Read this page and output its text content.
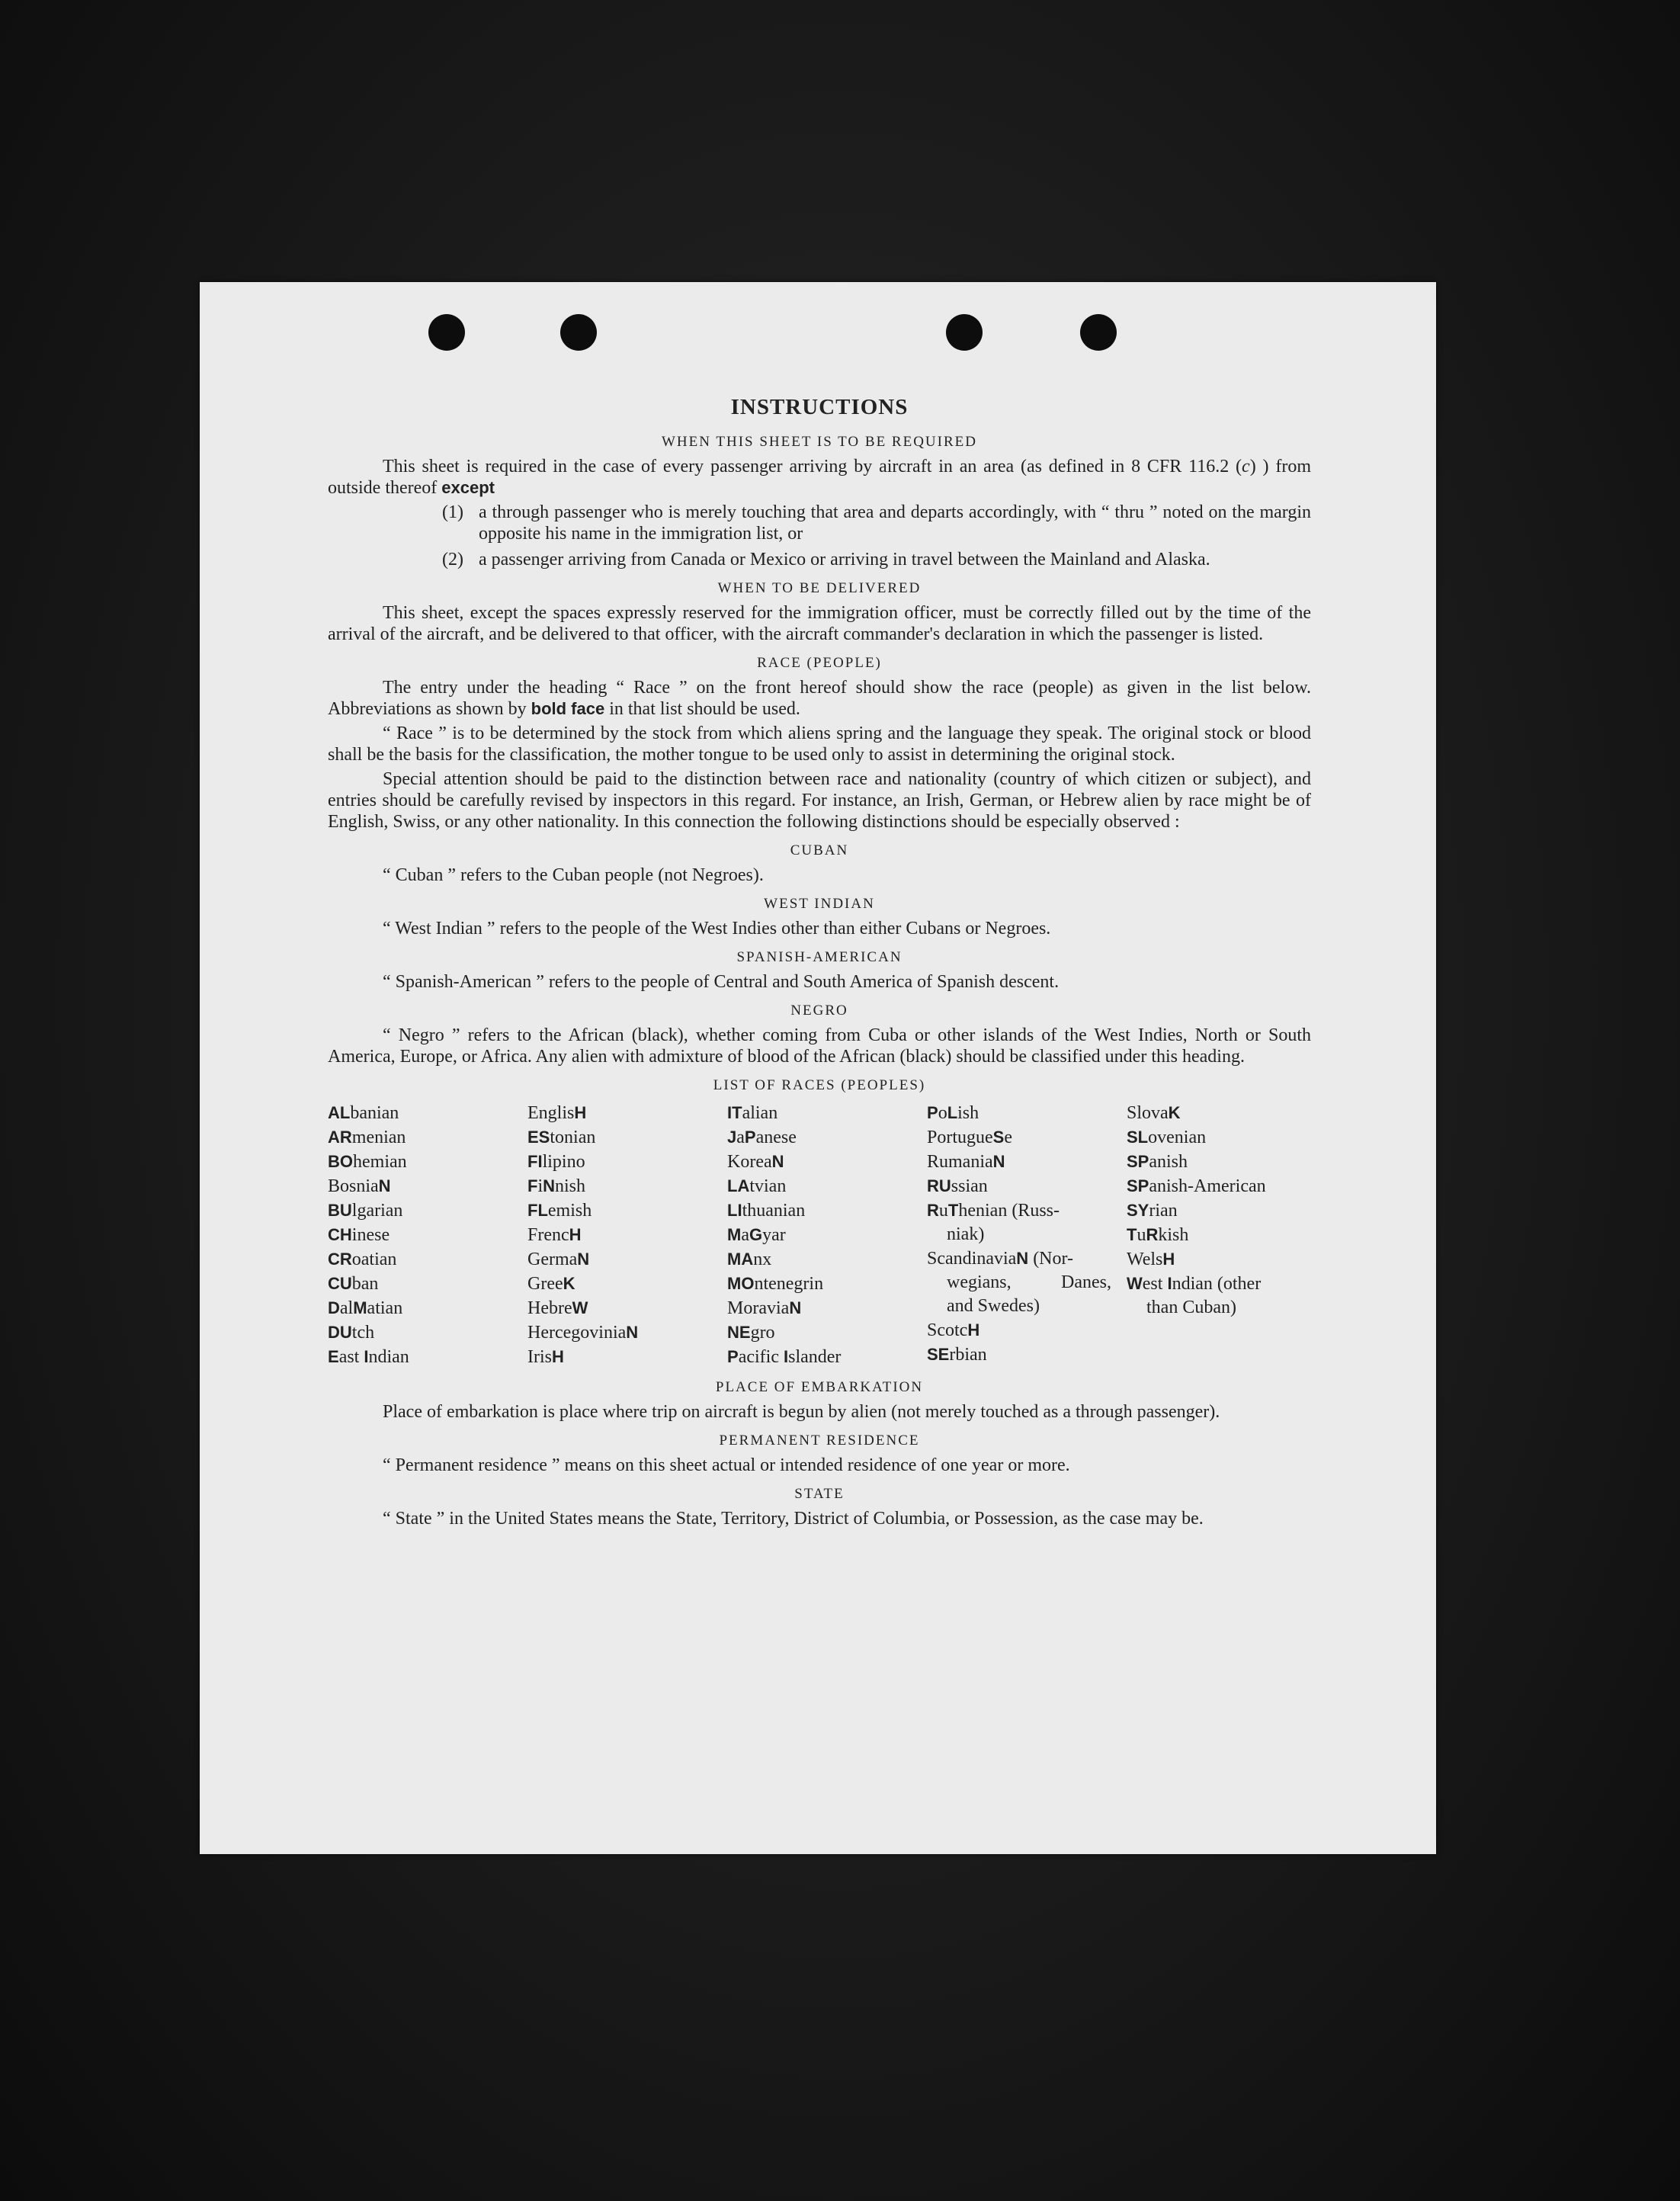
INSTRUCTIONS
WHEN THIS SHEET IS TO BE REQUIRED

This sheet is required in the case of every passenger arriving by aircraft in an area (as defined in 8 CFR 116.2 (c) ) from outside thereof except

(1) a through passenger who is merely touching that area and departs accordingly, with “ thru ” noted on the margin opposite his name in the immigration list, or
(2) a passenger arriving from Canada or Mexico or arriving in travel between the Mainland and Alaska.
WHEN TO BE DELIVERED

This sheet, except the spaces expressly reserved for the immigration officer, must be correctly filled out by the time of the arrival of the aircraft, and be delivered to that officer, with the aircraft commander's declaration in which the passenger is listed.

RACE (PEOPLE)

The entry under the heading “ Race ” on the front hereof should show the race (people) as given in the list below. Abbreviations as shown by bold face in that list should be used.

“ Race ” is to be determined by the stock from which aliens spring and the language they speak. The original stock or blood shall be the basis for the classification, the mother tongue to be used only to assist in determining the original stock.

Special attention should be paid to the distinction between race and nationality (country of which citizen or subject), and entries should be carefully revised by inspectors in this regard. For instance, an Irish, German, or Hebrew alien by race might be of English, Swiss, or any other nationality. In this connection the following distinctions should be especially observed :

CUBAN

“ Cuban ” refers to the Cuban people (not Negroes).

WEST INDIAN

“ West Indian ” refers to the people of the West Indies other than either Cubans or Negroes.

SPANISH-AMERICAN

“ Spanish-American ” refers to the people of Central and South America of Spanish descent.

NEGRO

“ Negro ” refers to the African (black), whether coming from Cuba or other islands of the West Indies, North or South America, Europe, or Africa. Any alien with admixture of blood of the African (black) should be classified under this heading.

LIST OF RACES (PEOPLES)
ALbanian
ARmenian
BOhemian
BosniaN
BUlgarian
CHinese
CRoatian
CUban
DalMatian
DUtch
East Indian
EnglisH
EStonian
FIlipino
FiNnish
FLemish
FrencH
GermaN
GreeK
HebreW
HercegoviniaN
IrisH
ITalian
JaPanese
KoreaN
LAtvian
LIthuanian
MaGyar
MAnx
MOntenegrin
MoraviaN
NEgro
Pacific Islander
PoLish
PortugueSe
RumaniaN
RUssian
RuThenian (Russ-
niak)
ScandinaviaN (Nor-
wegians,	Danes,
and Swedes)
ScotcH
SErbian
SlovaK
SLovenian
SPanish
SPanish-American
SYrian
TuRkish
WelsH
West Indian (other
than Cuban)
PLACE OF EMBARKATION

Place of embarkation is place where trip on aircraft is begun by alien (not merely touched as a through passenger).

PERMANENT RESIDENCE

“ Permanent residence ” means on this sheet actual or intended residence of one year or more.

STATE

“ State ” in the United States means the State, Territory, District of Columbia, or Possession, as the case may be.
